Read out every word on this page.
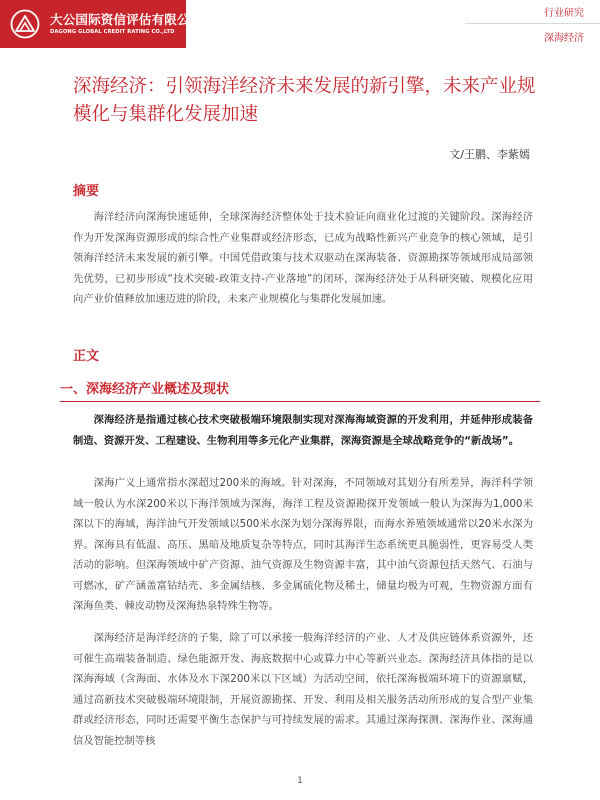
大公国际资信评估有限公司
DAGONG GLOBAL CREDIT RATING CO.,LTD
行业研究
深海经济
深海经济：引领海洋经济未来发展的新引擎，未来产业规模化与集群化发展加速
文/王鹏、李紫嫣
摘要

海洋经济向深海快速延伸，全球深海经济整体处于技术验证向商业化过渡的关键阶段。深海经济作为开发深海资源形成的综合性产业集群或经济形态，已成为战略性新兴产业竞争的核心领域，是引领海洋经济未来发展的新引擎。中国凭借政策与技术双驱动在深海装备、资源勘探等领域形成局部领先优势，已初步形成“技术突破-政策支持-产业落地”的闭环，深海经济处于从科研突破、规模化应用向产业价值释放加速迈进的阶段，未来产业规模化与集群化发展加速。

正文
一、深海经济产业概述及现状

深海经济是指通过核心技术突破极端环境限制实现对深海海域资源的开发利用，并延伸形成装备制造、资源开发、工程建设、生物利用等多元化产业集群，深海资源是全球战略竞争的“新战场”。

深海广义上通常指水深超过200米的海域。针对深海，不同领域对其划分有所差异，海洋科学领域一般认为水深200米以下海洋领域为深海，海洋工程及资源勘探开发领域一般认为深海为1,000米深以下的海域，海洋油气开发领域以500米水深为划分深海界限，而海水养殖领域通常以20米水深为界。深海具有低温、高压、黑暗及地质复杂等特点，同时其海洋生态系统更具脆弱性，更容易受人类活动的影响。但深海领域中矿产资源、油气资源及生物资源丰富，其中油气资源包括天然气、石油与可燃冰，矿产涵盖富钴结壳、多金属结核、多金属硫化物及稀土，储量均极为可观，生物资源方面有深海鱼类、棘皮动物及深海热泉特殊生物等。

深海经济是海洋经济的子集，除了可以承接一般海洋经济的产业、人才及供应链体系资源外，还可催生高端装备制造、绿色能源开发、海底数据中心或算力中心等新兴业态。深海经济具体指的是以深海海域（含海面、水体及水下深200米以下区域）为活动空间，依托深海极端环境下的资源禀赋，通过高新技术突破极端环境限制，开展资源勘探、开发、利用及相关服务活动所形成的复合型产业集群或经济形态，同时还需要平衡生态保护与可持续发展的需求。其通过深海探测、深海作业、深海通信及智能控制等核

1
